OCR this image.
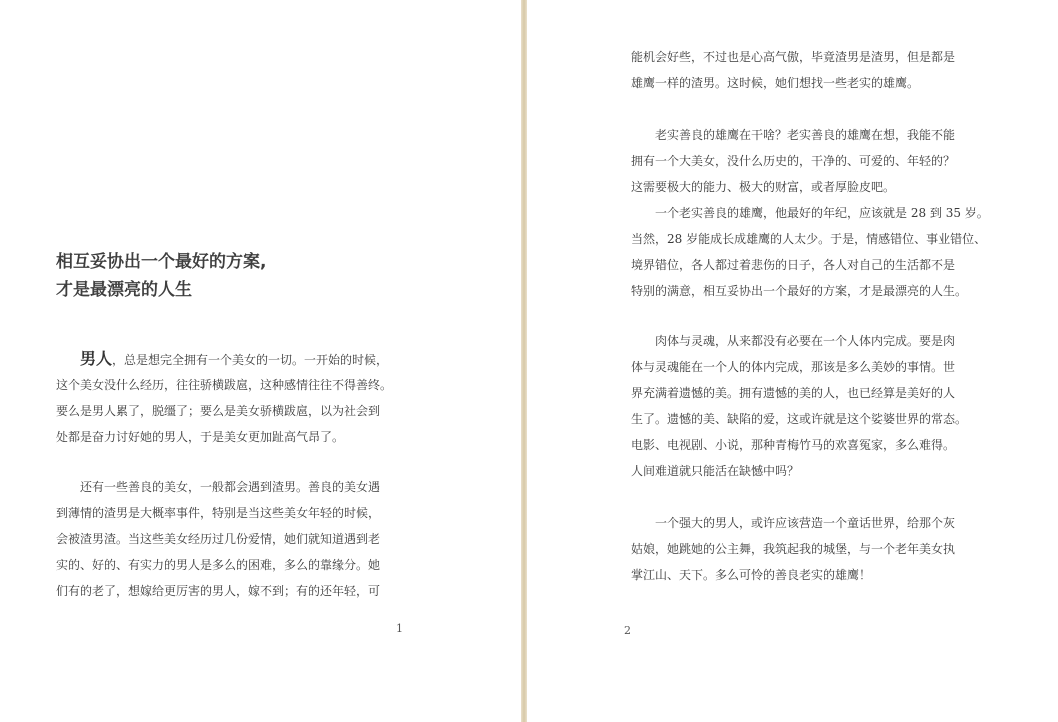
相互妥协出一个最好的方案,
才是最漂亮的人生
男人，总是想完全拥有一个美女的一切。一开始的时候，
这个美女没什么经历，往往骄横跋扈，这种感情往往不得善终。
要么是男人累了，脱缰了；要么是美女骄横跋扈，以为社会到
处都是奋力讨好她的男人，于是美女更加趾高气昂了。
还有一些善良的美女，一般都会遇到渣男。善良的美女遇
到薄情的渣男是大概率事件，特别是当这些美女年轻的时候，
会被渣男渣。当这些美女经历过几份爱情，她们就知道遇到老
实的、好的、有实力的男人是多么的困难，多么的靠缘分。她
们有的老了，想嫁给更厉害的男人，嫁不到；有的还年轻，可
1
能机会好些，不过也是心高气傲，毕竟渣男是渣男，但是都是
雄鹰一样的渣男。这时候，她们想找一些老实的雄鹰。
老实善良的雄鹰在干啥？老实善良的雄鹰在想，我能不能
拥有一个大美女，没什么历史的，干净的、可爱的、年轻的？
这需要极大的能力、极大的财富，或者厚脸皮吧。
一个老实善良的雄鹰，他最好的年纪，应该就是 28 到 35 岁。
当然，28 岁能成长成雄鹰的人太少。于是，情感错位、事业错位、
境界错位，各人都过着悲伤的日子，各人对自己的生活都不是
特别的满意，相互妥协出一个最好的方案，才是最漂亮的人生。
肉体与灵魂，从来都没有必要在一个人体内完成。要是肉
体与灵魂能在一个人的体内完成，那该是多么美妙的事情。世
界充满着遗憾的美。拥有遗憾的美的人，也已经算是美好的人
生了。遗憾的美、缺陷的爱，这或许就是这个娑婆世界的常态。
电影、电视剧、小说，那种青梅竹马的欢喜冤家，多么难得。
人间难道就只能活在缺憾中吗？
一个强大的男人，或许应该营造一个童话世界，给那个灰
姑娘，她跳她的公主舞，我筑起我的城堡，与一个老年美女执
掌江山、天下。多么可怜的善良老实的雄鹰！
2
